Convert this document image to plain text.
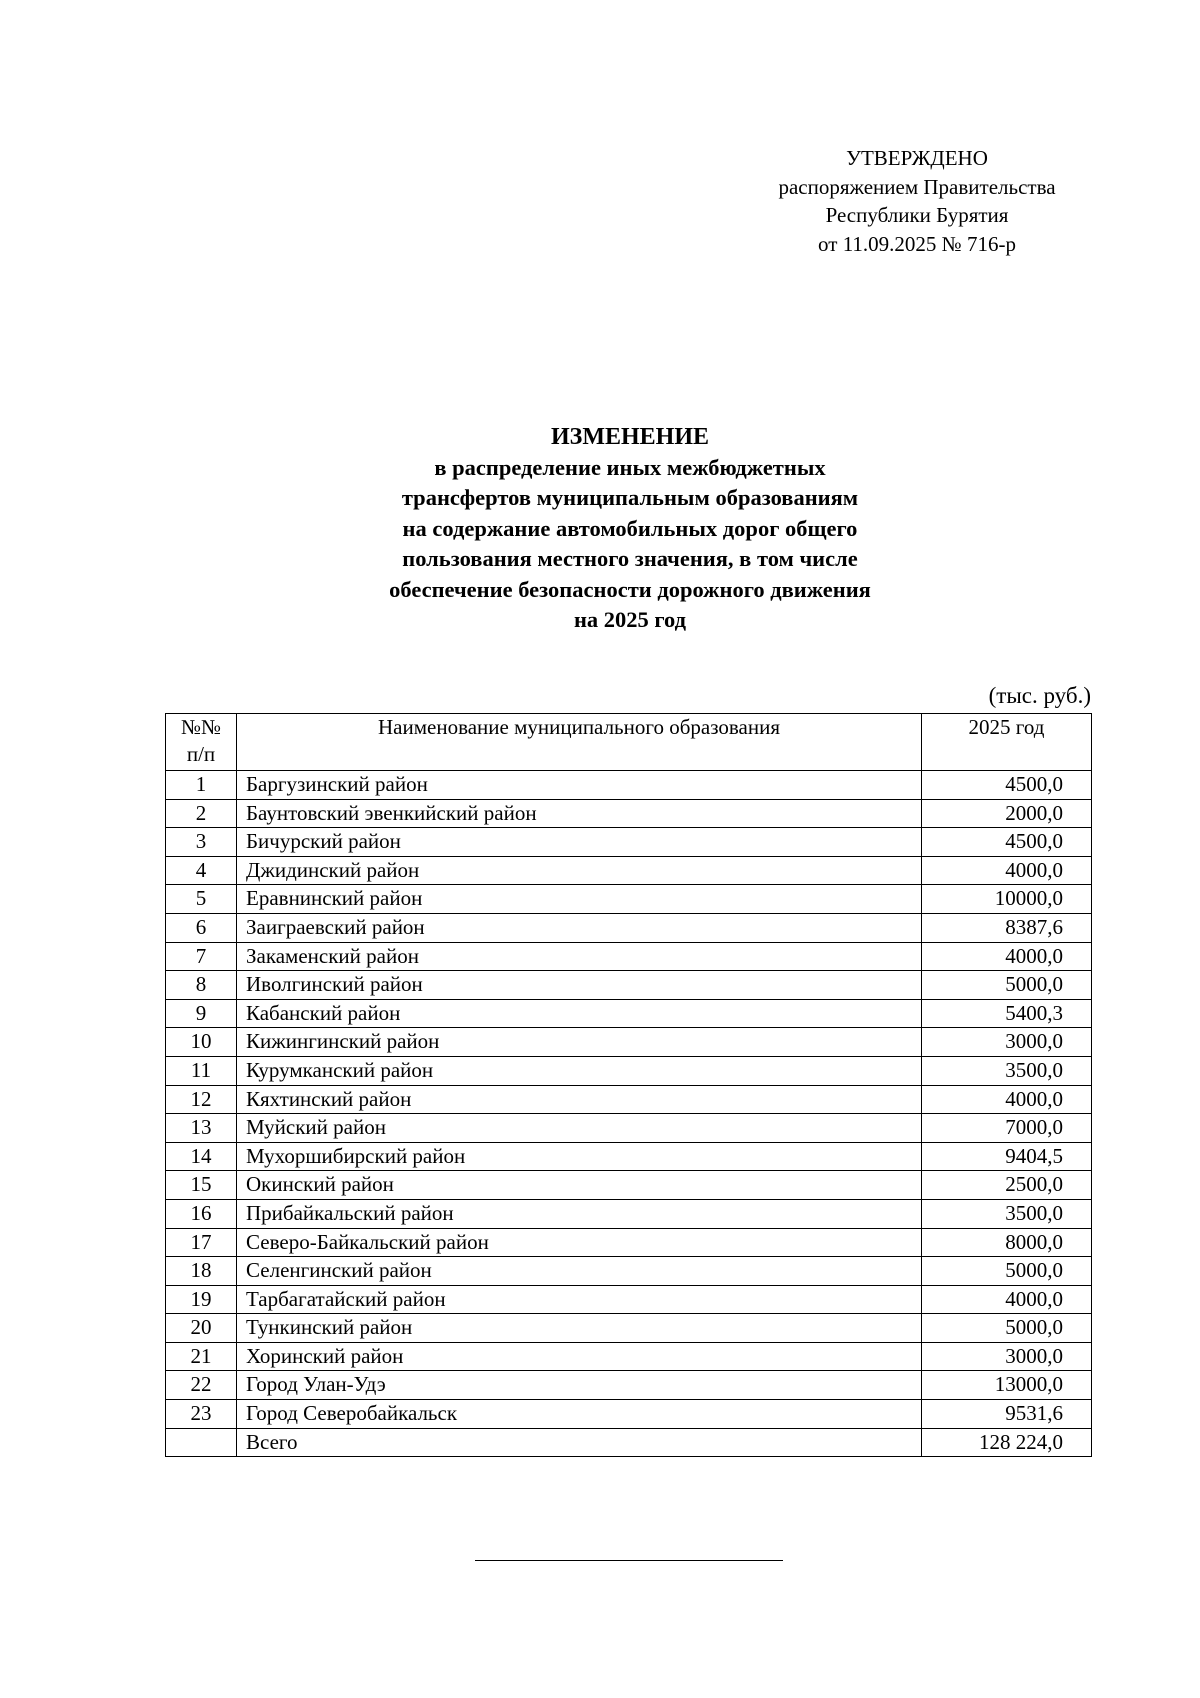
УТВЕРЖДЕНО
распоряжением Правительства
Республики Бурятия
от 11.09.2025 № 716-р
ИЗМЕНЕНИЕ
в распределение иных межбюджетных
трансфертов муниципальным образованиям
на содержание автомобильных дорог общего
пользования местного значения, в том числе
обеспечение безопасности дорожного движения
на 2025 год
(тыс. руб.)
№№
п/п	Наименование муниципального образования	2025 год
1	Баргузинский район	4500,0
2	Баунтовский эвенкийский район	2000,0
3	Бичурский район	4500,0
4	Джидинский район	4000,0
5	Еравнинский район	10000,0
6	Заиграевский район	8387,6
7	Закаменский район	4000,0
8	Иволгинский район	5000,0
9	Кабанский район	5400,3
10	Кижингинский район	3000,0
11	Курумканский район	3500,0
12	Кяхтинский район	4000,0
13	Муйский район	7000,0
14	Мухоршибирский район	9404,5
15	Окинский район	2500,0
16	Прибайкальский район	3500,0
17	Северо-Байкальский район	8000,0
18	Селенгинский район	5000,0
19	Тарбагатайский район	4000,0
20	Тункинский район	5000,0
21	Хоринский район	3000,0
22	Город Улан-Удэ	13000,0
23	Город Северобайкальск	9531,6
	Всего	128 224,0
